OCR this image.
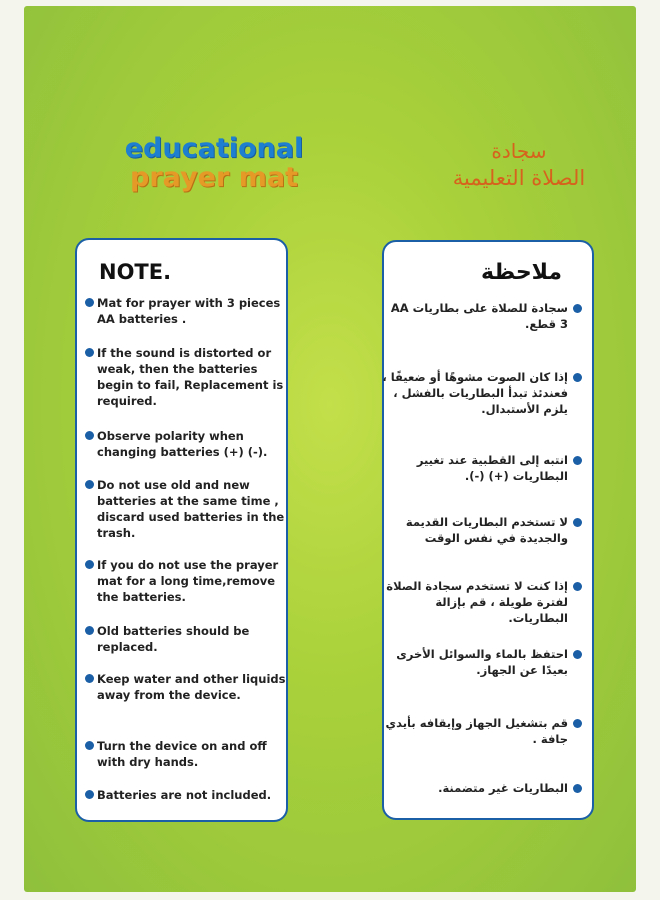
educational
prayer mat
سجادة
الصلاة التعليمية
NOTE.
Mat for prayer with 3 pieces AA batteries .
If the sound is distorted or weak, then the batteries begin to fail, Replacement is required.
Observe polarity when changing batteries (+) (-).
Do not use old and new batteries at the same time , discard used batteries in the trash.
If you do not use the prayer mat for a long time,remove the batteries.
Old batteries should be replaced.
Keep water and other liquids away from the device.
Turn the device on and off with dry hands.
Batteries are not included.
ملاحظة
سجادة للصلاة على بطاريات AA 3 قطع.
إذا كان الصوت مشوهًا أو ضعيفًا ، فعندئذ تبدأ البطاريات بالفشل ، يلزم الأستبدال.
انتبه إلى القطبية عند تغيير البطاريات (+) (-).
لا تستخدم البطاريات القديمة والجديدة في نفس الوقت
إذا كنت لا تستخدم سجادة الصلاة لفترة طويلة ، قم بإزالة البطاريات.
احتفظ بالماء والسوائل الأخرى بعيدًا عن الجهاز.
قم بتشغيل الجهاز وإيقافه بأيدي جافة .
البطاريات غير متضمنة.
